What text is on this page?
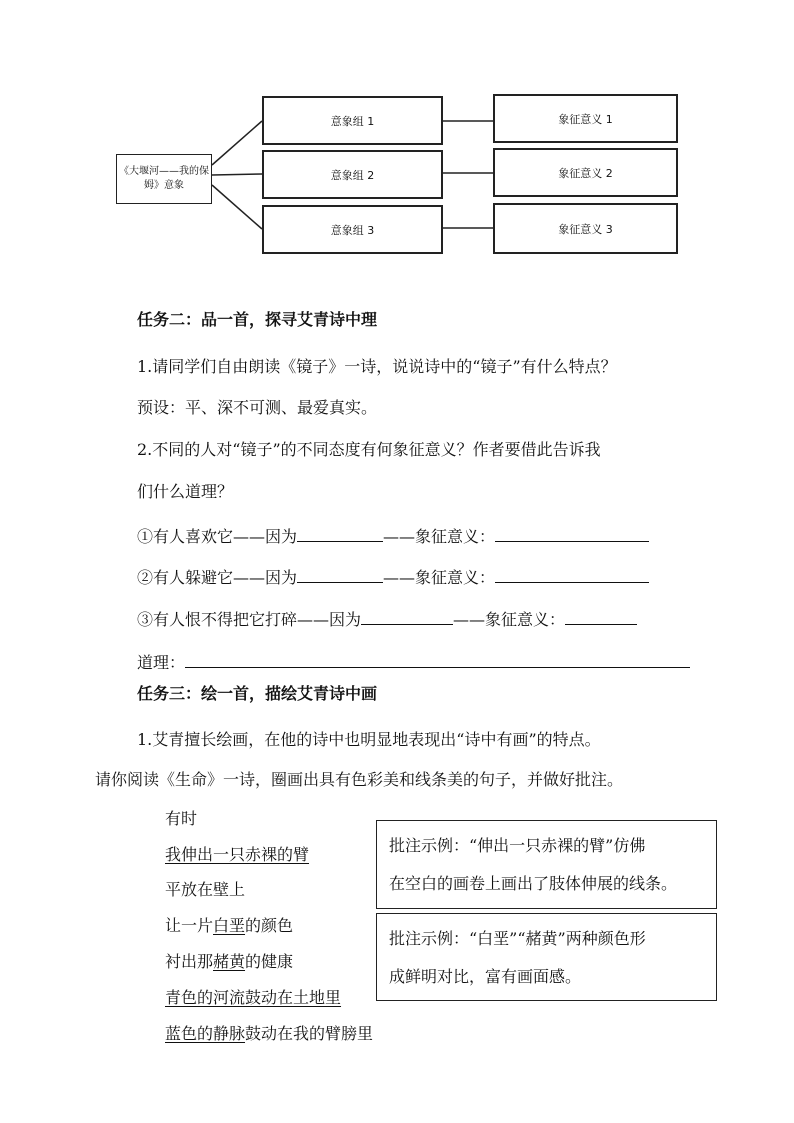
《大堰河——我的保姆》意象
意象组 1
意象组 2
意象组 3
象征意义 1
象征意义 2
象征意义 3
任务二：品一首，探寻艾青诗中理
1.请同学们自由朗读《镜子》一诗，说说诗中的“镜子”有什么特点？
预设：平、深不可测、最爱真实。
2.不同的人对“镜子”的不同态度有何象征意义？作者要借此告诉我
们什么道理？
①有人喜欢它——因为	——象征意义：
②有人躲避它——因为	——象征意义：
③有人恨不得把它打碎——因为	——象征意义：
道理：
任务三：绘一首，描绘艾青诗中画
1.艾青擅长绘画，在他的诗中也明显地表现出“诗中有画”的特点。
请你阅读《生命》一诗，圈画出具有色彩美和线条美的句子，并做好批注。
有时
我伸出一只赤裸的臂
平放在壁上
让一片白垩的颜色
衬出那赭黄的健康
青色的河流鼓动在土地里
蓝色的静脉鼓动在我的臂膀里
批注示例：“伸出一只赤裸的臂”仿佛
在空白的画卷上画出了肢体伸展的线条。
批注示例：“白垩”“赭黄”两种颜色形
成鲜明对比，富有画面感。
